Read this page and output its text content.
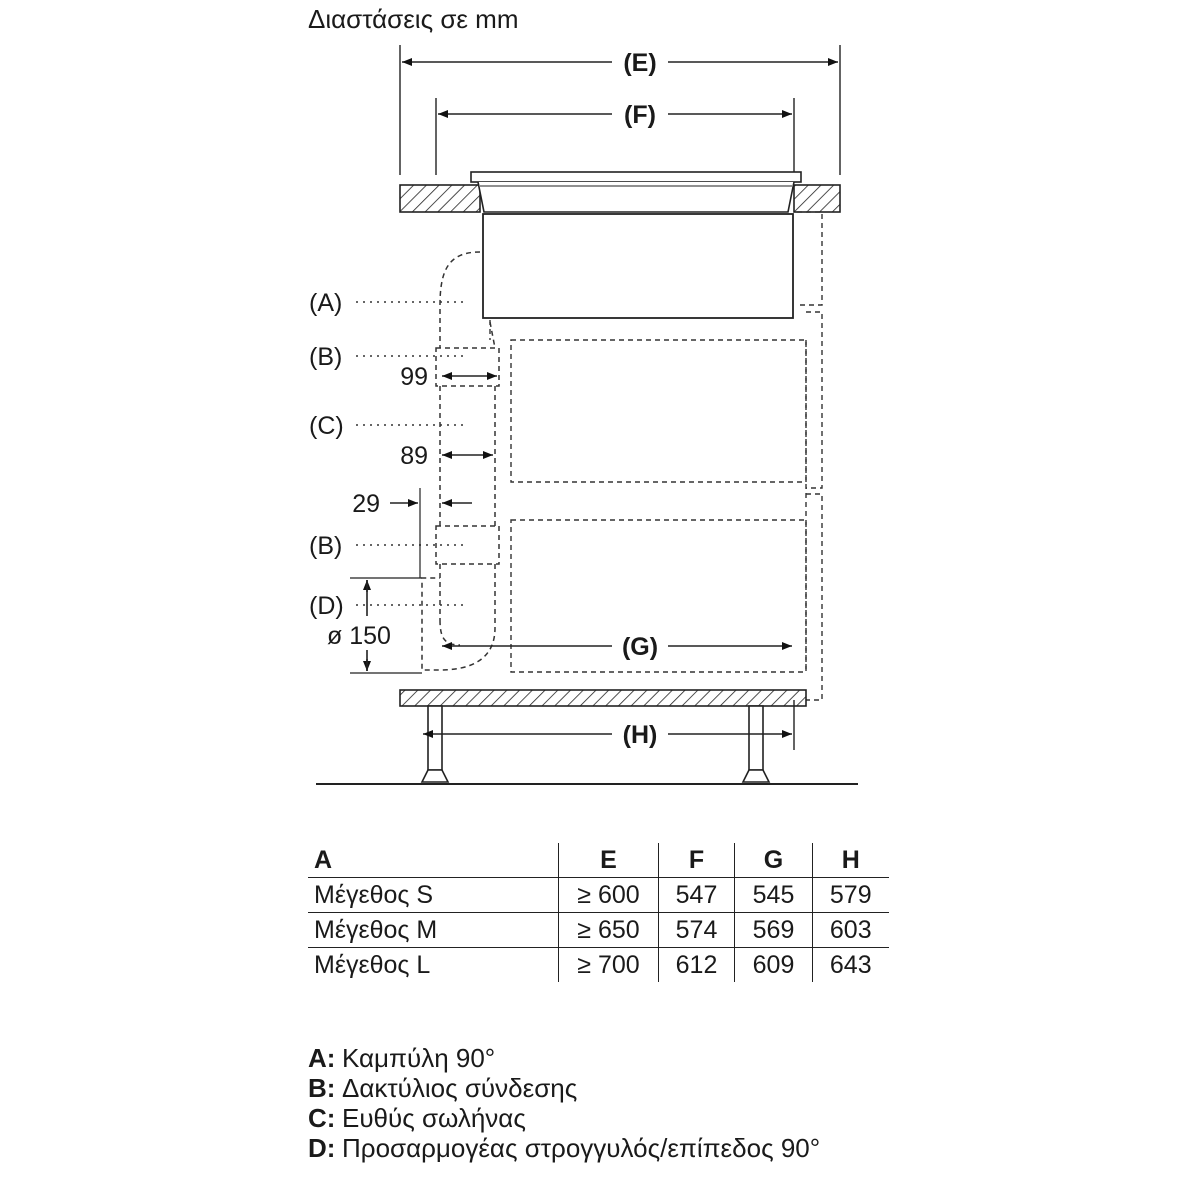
Διαστάσεις σε mm
(E)
(F)
(A)
(B)
(C)
(B)
(D)
99
89
29
ø 150	(G)
(H)
A	E	F	G	H
Μέγεθος S	≥ 600	547	545	579
Μέγεθος M	≥ 650	574	569	603
Μέγεθος L	≥ 700	612	609	643
A: Καμπύλη 90°
B: Δακτύλιος σύνδεσης
C: Ευθύς σωλήνας
D: Προσαρμογέας στρογγυλός/επίπεδος 90°
